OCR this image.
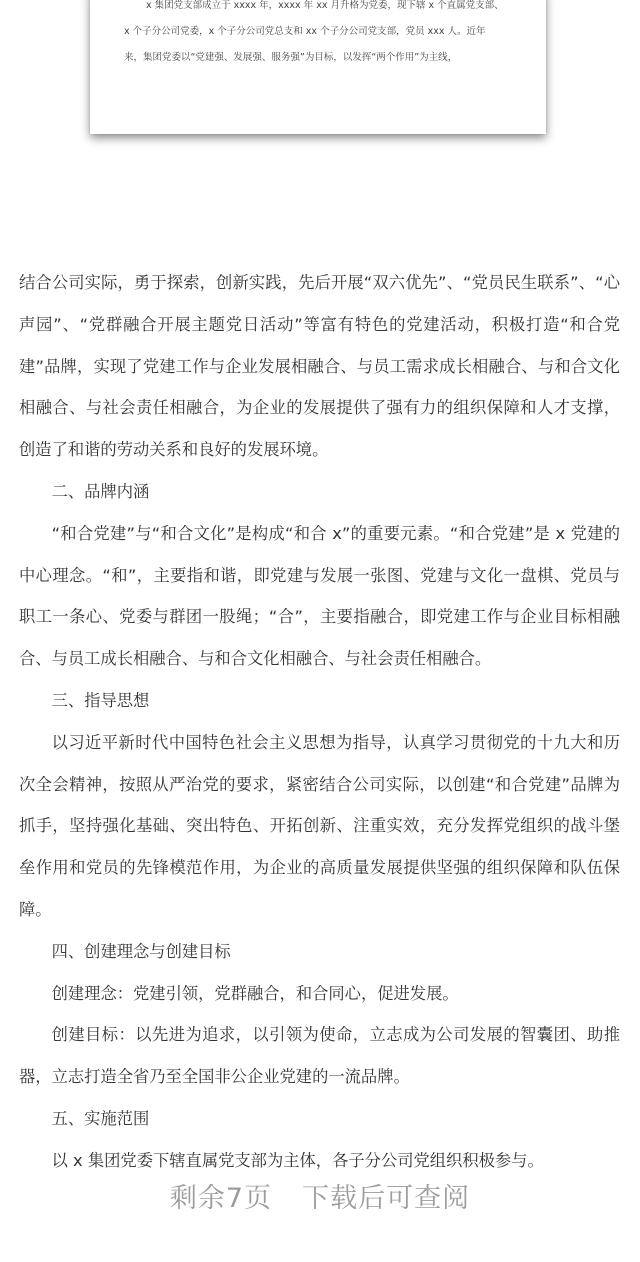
x 集团党支部成立于 xxxx 年，xxxx 年 xx 月升格为党委，现下辖 x 个直属党支部、
x 个子分公司党委，x 个子分公司党总支和 xx 个子分公司党支部，党员 xxx 人。近年
来，集团党委以“党建强、发展强、服务强”为目标，以发挥“两个作用”为主线，

结合公司实际，勇于探索，创新实践，先后开展“双六优先”、“党员民生联系”、“心声园”、“党群融合开展主题党日活动”等富有特色的党建活动，积极打造“和合党建”品牌，实现了党建工作与企业发展相融合、与员工需求成长相融合、与和合文化相融合、与社会责任相融合，为企业的发展提供了强有力的组织保障和人才支撑，创造了和谐的劳动关系和良好的发展环境。

二、品牌内涵

“和合党建”与“和合文化”是构成“和合 x”的重要元素。“和合党建”是 x 党建的中心理念。“和”，主要指和谐，即党建与发展一张图、党建与文化一盘棋、党员与职工一条心、党委与群团一股绳；“合”，主要指融合，即党建工作与企业目标相融合、与员工成长相融合、与和合文化相融合、与社会责任相融合。

三、指导思想

以习近平新时代中国特色社会主义思想为指导，认真学习贯彻党的十九大和历次全会精神，按照从严治党的要求，紧密结合公司实际，以创建“和合党建”品牌为抓手，坚持强化基础、突出特色、开拓创新、注重实效，充分发挥党组织的战斗堡垒作用和党员的先锋模范作用，为企业的高质量发展提供坚强的组织保障和队伍保障。

四、创建理念与创建目标

创建理念：党建引领，党群融合，和合同心，促进发展。

创建目标：以先进为追求，以引领为使命，立志成为公司发展的智囊团、助推器，立志打造全省乃至全国非公企业党建的一流品牌。

五、实施范围

以 x 集团党委下辖直属党支部为主体，各子分公司党组织积极参与。

剩余7页 下载后可查阅
